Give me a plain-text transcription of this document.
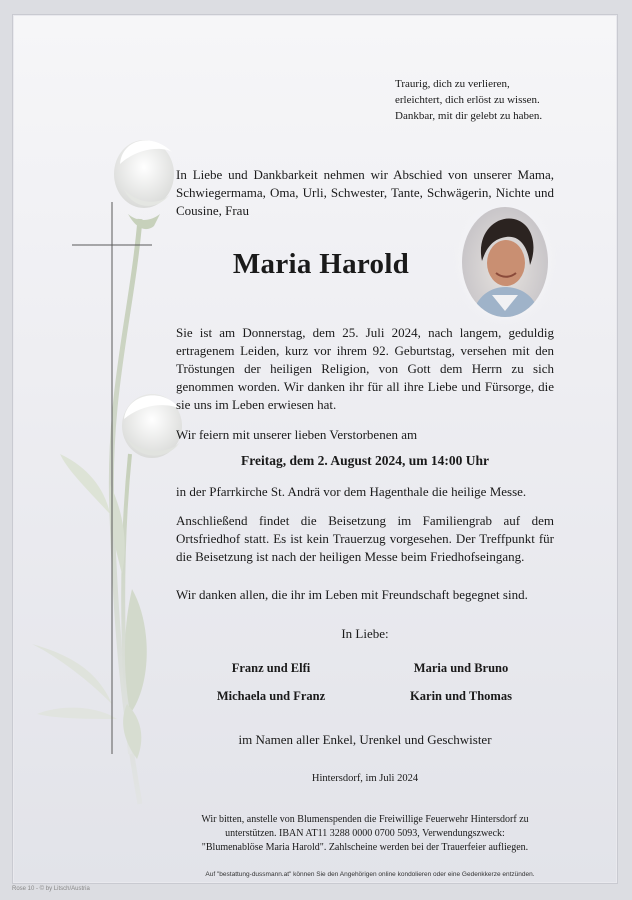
Traurig, dich zu verlieren,
erleichtert, dich erlöst zu wissen.
Dankbar, mit dir gelebt zu haben.
In Liebe und Dankbarkeit nehmen wir Abschied von unserer Mama, Schwiegermama, Oma, Urli, Schwester, Tante, Schwägerin, Nichte und Cousine, Frau
Maria Harold
Sie ist am Donnerstag, dem 25. Juli 2024, nach langem, geduldig ertragenem Leiden, kurz vor ihrem 92. Geburtstag, versehen mit den Tröstungen der heiligen Religion, von Gott dem Herrn zu sich genommen worden. Wir danken ihr für all ihre Liebe und Fürsorge, die sie uns im Leben erwiesen hat.
Wir feiern mit unserer lieben Verstorbenen am
Freitag, dem 2. August 2024, um 14:00 Uhr
in der Pfarrkirche St. Andrä vor dem Hagenthale die heilige Messe.
Anschließend findet die Beisetzung im Familiengrab auf dem Ortsfriedhof statt. Es ist kein Trauerzug vorgesehen. Der Treffpunkt für die Beisetzung ist nach der heiligen Messe beim Friedhofseingang.
Wir danken allen, die ihr im Leben mit Freundschaft begegnet sind.
In Liebe:
Franz und Elfi	Maria und Bruno
Michaela und Franz	Karin und Thomas
im Namen aller Enkel, Urenkel und Geschwister
Hintersdorf, im Juli 2024
Wir bitten, anstelle von Blumenspenden die Freiwillige Feuerwehr Hintersdorf zu
unterstützen. IBAN AT11 3288 0000 0700 5093, Verwendungszweck:
"Blumenablöse Maria Harold". Zahlscheine werden bei der Trauerfeier aufliegen.
Auf "bestattung-dussmann.at" können Sie den Angehörigen online kondolieren oder eine Gedenkkerze entzünden.
Rose 10 - © by Litsch/Austria
